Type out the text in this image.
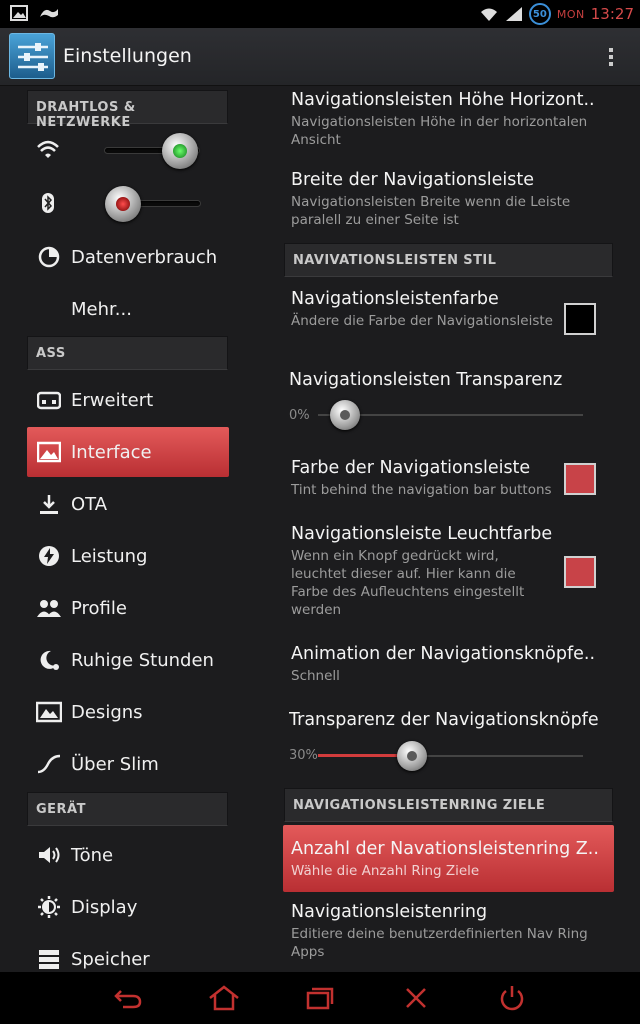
50 MON 13:27
Einstellungen
DRAHTLOS & NETZWERKE
Datenverbrauch
Mehr...
ASS
Erweitert
Interface
OTA
Leistung
Profile
Ruhige Stunden
Designs
Über Slim
GERÄT
Töne
Display
Speicher
Navigationsleisten Höhe Horizont..
Navigationsleisten Höhe in der horizontalen Ansicht
Breite der Navigationsleiste
Navigationsleisten Breite wenn die Leiste paralell zu einer Seite ist
NAVIVATIONSLEISTEN STIL
Navigationsleistenfarbe
Ändere die Farbe der Navigationsleiste
Navigationsleisten Transparenz
0%
Farbe der Navigationsleiste
Tint behind the navigation bar buttons
Navigationsleiste Leuchtfarbe
Wenn ein Knopf gedrückt wird, leuchtet dieser auf. Hier kann die Farbe des Aufleuchtens eingestellt werden
Animation der Navigationsknöpfe..
Schnell
Transparenz der Navigationsknöpfe
30%
NAVIGATIONSLEISTENRING ZIELE
Anzahl der Navationsleistenring Z..
Wähle die Anzahl Ring Ziele
Navigationsleistenring
Editiere deine benutzerdefinierten Nav Ring Apps
